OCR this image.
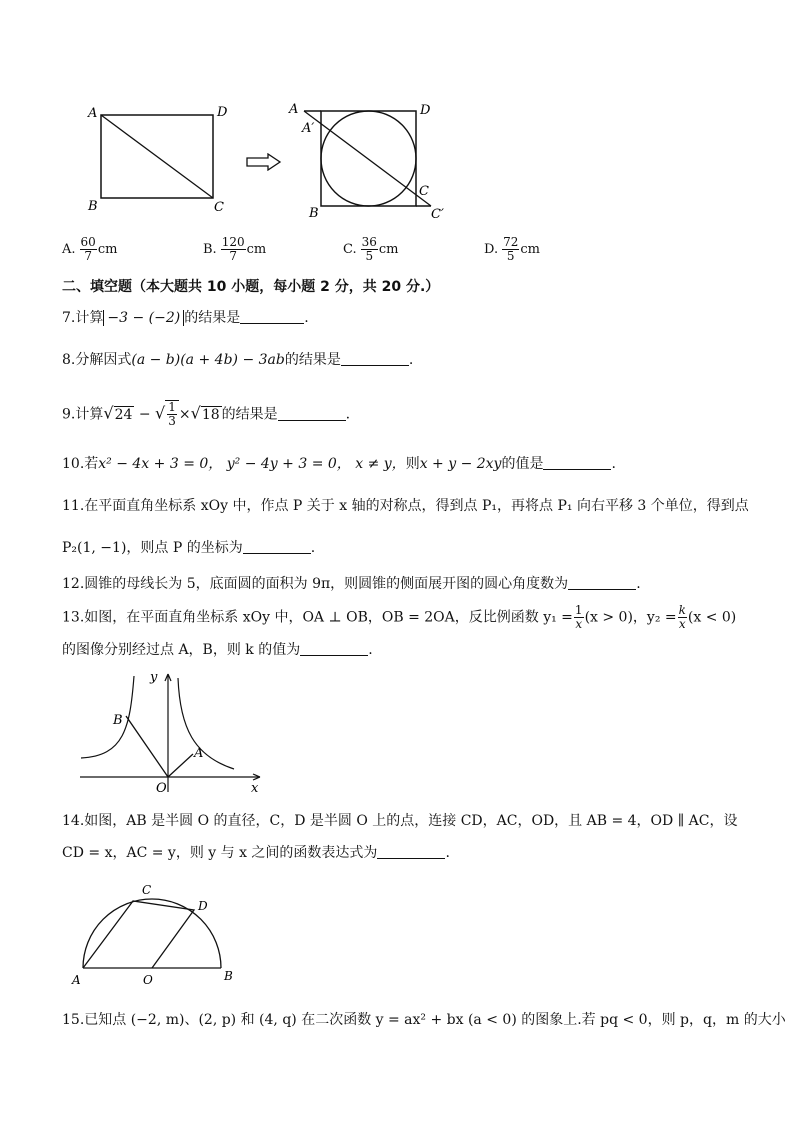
A	D
B	C
A
A′
D
C
B	C′
A. $\frac{60}{7}$ cm	B. $\frac{120}{7}$ cm	C. $\frac{36}{5}$ cm	D. $\frac{72}{5}$ cm
二、填空题（本大题共 10 小题，每小题 2 分，共 20 分.）
7.计算 −3 − (−2) 的结果是	.
8.分解因式(a − b)(a + 4b) − 3ab的结果是	.
9.计算√24 − √ $\frac{1}{3} \times√18$ 的结果是	.
10.若x² − 4x + 3 = 0， y² − 4y + 3 = 0， x ≠ y，则x + y − 2xy的值是	.
11.在平面直角坐标系 xOy 中，作点 P 关于 x 轴的对称点，得到点 P₁，再将点 P₁ 向右平移 3 个单位，得到点
P₂(1, −1)，则点 P 的坐标为	.
12.圆锥的母线长为 5，底面圆的面积为 9π，则圆锥的侧面展开图的圆心角度数为	.
13.如图，在平面直角坐标系 xOy 中，OA ⊥ OB，OB = 2OA，反比例函数 $y_1 = \frac{1}{x} (x > 0)$，$y_2 = \frac{k}{x} (x < 0)$
的图像分别经过点 A，B，则 k 的值为	.
y
x
O
B
A
14.如图，AB 是半圆 O 的直径，C，D 是半圆 O 上的点，连接 CD，AC，OD，且 AB = 4，OD ∥ AC，设
CD = x，AC = y，则 y 与 x 之间的函数表达式为	.
C
D
A	O	B
15.已知点 (−2, m)、(2, p) 和 (4, q) 在二次函数 y = ax² + bx (a < 0) 的图象上.若 pq < 0，则 p，q，m 的大小
